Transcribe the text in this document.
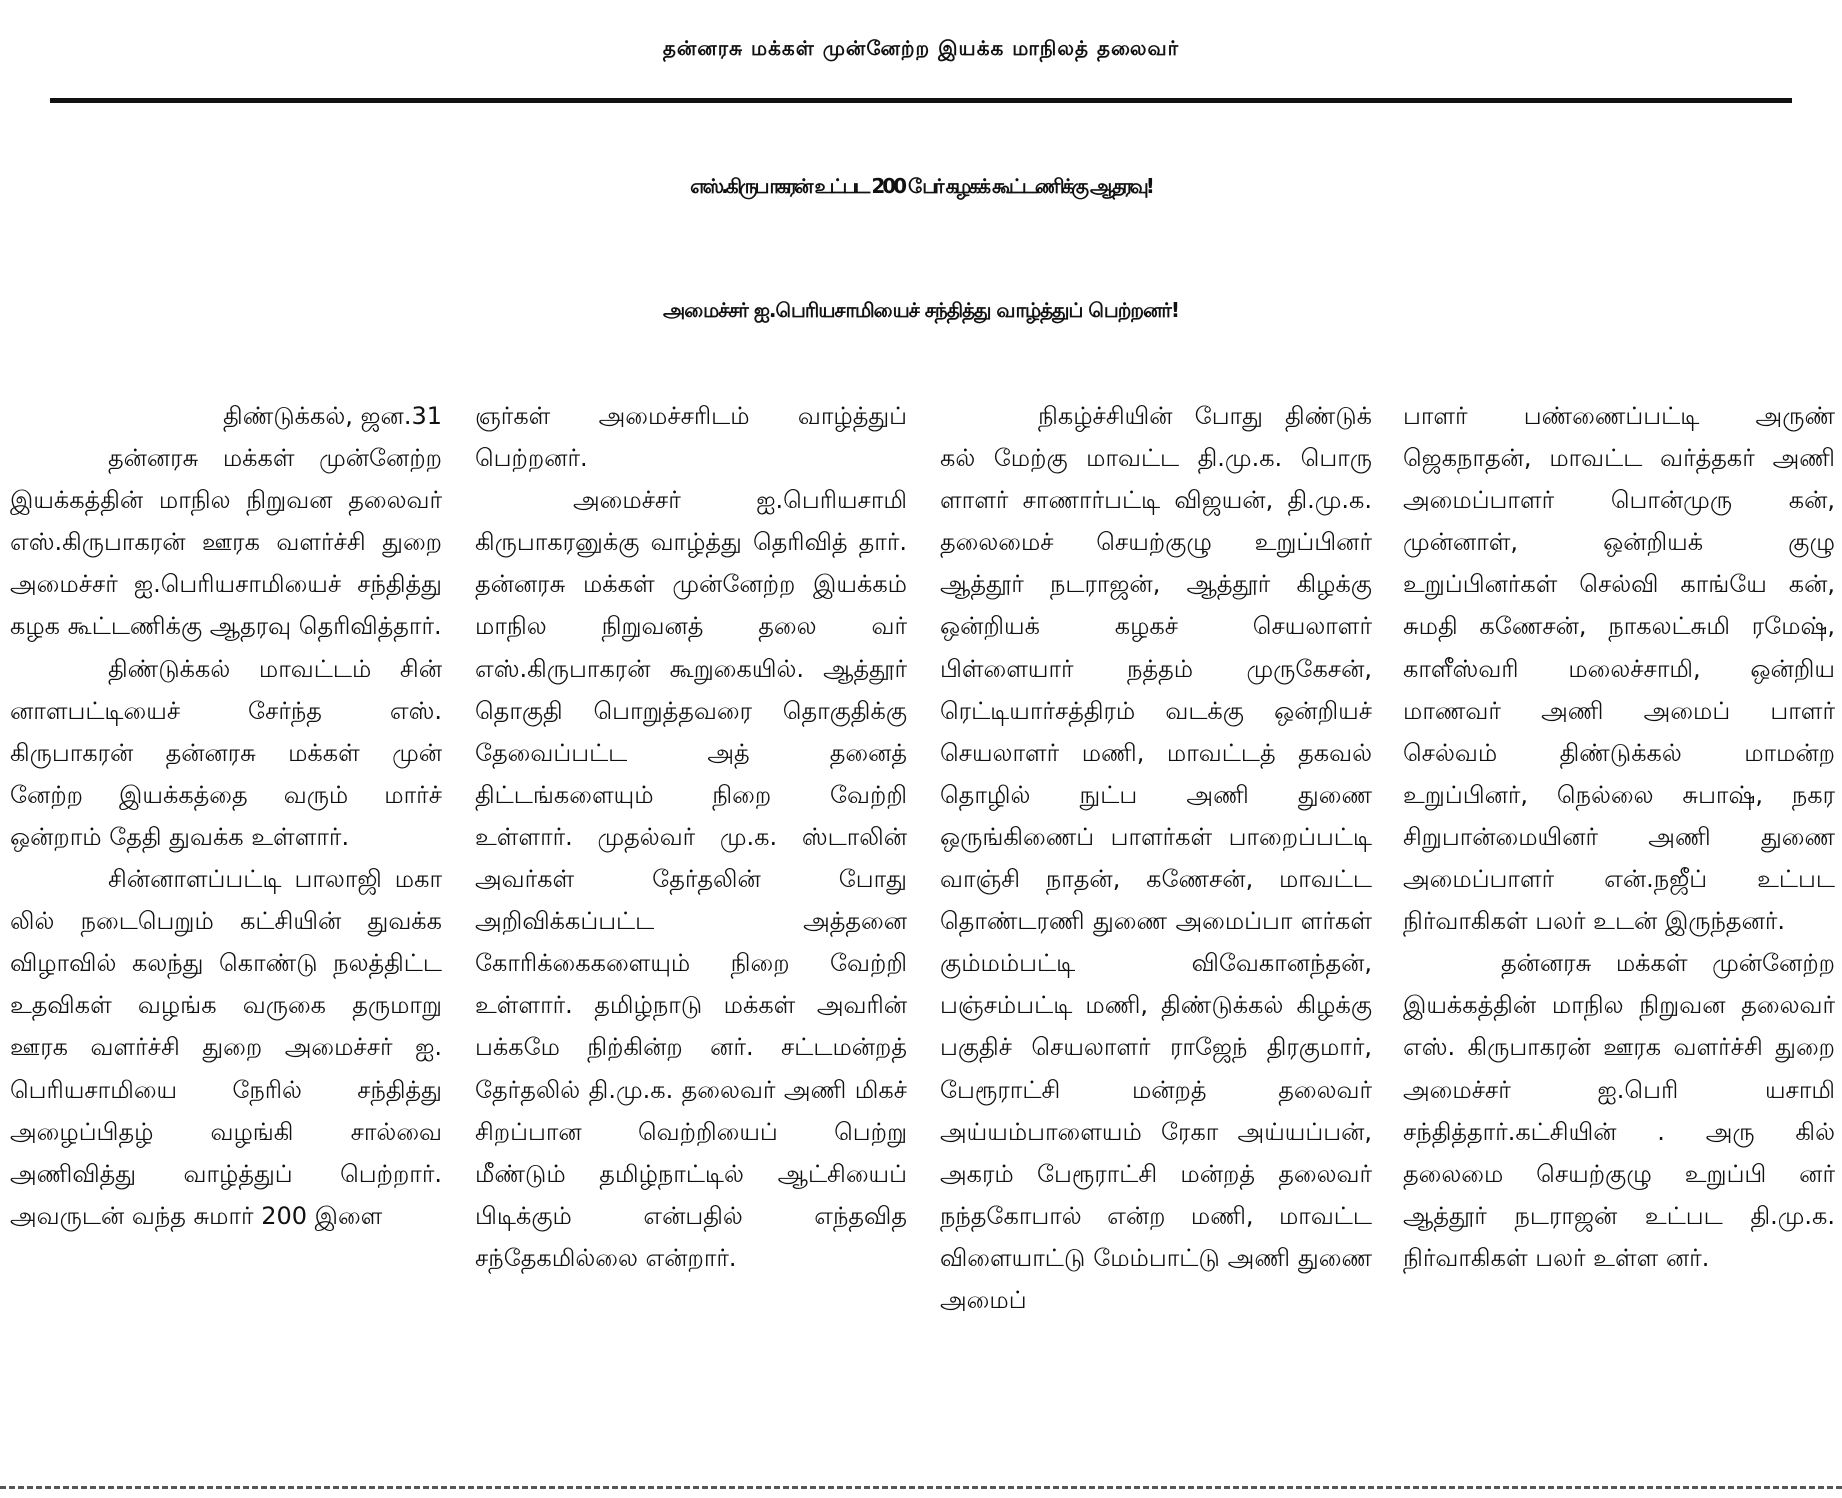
தன்னரசு மக்கள் முன்னேற்ற இயக்க மாநிலத் தலைவர்
எஸ்.கிருபாகரன் உட்பட 200 பேர் கழகக் கூட்டணிக்கு ஆதரவு!
அமைச்சர் ஐ.பெரியசாமியைச் சந்தித்து வாழ்த்துப் பெற்றனர்!

திண்டுக்கல், ஜன.31

தன்னரசு மக்கள் முன்னேற்ற இயக்கத்தின் மாநில நிறுவன தலைவர் எஸ்.கிருபாகரன் ஊரக வளர்ச்சி துறை அமைச்சர் ஐ.பெரியசாமியைச் சந்தித்து கழக கூட்டணிக்கு ஆதரவு தெரிவித்தார்.

திண்டுக்கல் மாவட்டம் சின் னாளபட்டியைச் சேர்ந்த எஸ். கிருபாகரன் தன்னரசு மக்கள் முன் னேற்ற இயக்கத்தை வரும் மார்ச் ஒன்றாம் தேதி துவக்க உள்ளார்.

சின்னாளப்பட்டி பாலாஜி மகா லில் நடைபெறும் கட்சியின் துவக்க விழாவில் கலந்து கொண்டு நலத்திட்ட உதவிகள் வழங்க வருகை தருமாறு ஊரக வளர்ச்சி துறை அமைச்சர் ஐ. பெரியசாமியை நேரில் சந்தித்து அழைப்பிதழ் வழங்கி சால்வை அணிவித்து வாழ்த்துப் பெற்றார். அவருடன் வந்த சுமார் 200 இளை

ஞர்கள் அமைச்சரிடம் வாழ்த்துப் பெற்றனர்.

அமைச்சர் ஐ.பெரியசாமி கிருபாகரனுக்கு வாழ்த்து தெரிவித் தார். தன்னரசு மக்கள் முன்னேற்ற இயக்கம் மாநில நிறுவனத் தலை வர் எஸ்.கிருபாகரன் கூறுகையில். ஆத்தூர் தொகுதி பொறுத்தவரை தொகுதிக்கு தேவைப்பட்ட அத் தனைத் திட்டங்களையும் நிறை வேற்றி உள்ளார். முதல்வர் மு.க. ஸ்டாலின் அவர்கள் தேர்தலின் போது அறிவிக்கப்பட்ட அத்தனை கோரிக்கைகளையும் நிறை வேற்றி உள்ளார். தமிழ்நாடு மக்கள் அவரின் பக்கமே நிற்கின்ற னர். சட்டமன்றத் தேர்தலில் தி.மு.க. தலைவர் அணி மிகச் சிறப்பான வெற்றியைப் பெற்று மீண்டும் தமிழ்நாட்டில் ஆட்சியைப் பிடிக்கும் என்பதில் எந்தவித சந்தேகமில்லை என்றார்.

நிகழ்ச்சியின் போது திண்டுக் கல் மேற்கு மாவட்ட தி.மு.க. பொரு ளாளர் சாணார்பட்டி விஜயன், தி.மு.க. தலைமைச் செயற்குழு உறுப்பினர் ஆத்தூர் நடராஜன், ஆத்தூர் கிழக்கு ஒன்றியக் கழகச் செயலாளர் பிள்ளையார் நத்தம் முருகேசன், ரெட்டியார்சத்திரம் வடக்கு ஒன்றியச் செயலாளர் மணி, மாவட்டத் தகவல் தொழில் நுட்ப அணி துணை ஒருங்கிணைப் பாளர்கள் பாறைப்பட்டி வாஞ்சி நாதன், கணேசன், மாவட்ட தொண்டரணி துணை அமைப்பா ளர்கள் கும்மம்பட்டி விவேகானந்தன், பஞ்சம்பட்டி மணி, திண்டுக்கல் கிழக்கு பகுதிச் செயலாளர் ராஜேந் திரகுமார், பேரூராட்சி மன்றத் தலைவர் அய்யம்பாளையம் ரேகா அய்யப்பன், அகரம் பேரூராட்சி மன்றத் தலைவர் நந்தகோபால் என்ற மணி, மாவட்ட விளையாட்டு மேம்பாட்டு அணி துணை அமைப்

பாளர் பண்ணைப்பட்டி அருண் ஜெகநாதன், மாவட்ட வர்த்தகர் அணி அமைப்பாளர் பொன்முரு கன், முன்னாள், ஒன்றியக் குழு உறுப்பினர்கள் செல்வி காங்யே கன், சுமதி கணேசன், நாகலட்சுமி ரமேஷ், காளீஸ்வரி மலைச்சாமி, ஒன்றிய மாணவர் அணி அமைப் பாளர் செல்வம் திண்டுக்கல் மாமன்ற உறுப்பினர், நெல்லை சுபாஷ், நகர சிறுபான்மையினர் அணி துணை அமைப்பாளர் என்.நஜீப் உட்பட நிர்வாகிகள் பலர் உடன் இருந்தனர்.

தன்னரசு மக்கள் முன்னேற்ற இயக்கத்தின் மாநில நிறுவன தலைவர் எஸ். கிருபாகரன் ஊரக வளர்ச்சி துறை அமைச்சர் ஐ.பெரி யசாமி சந்தித்தார்.கட்சியின் . அரு கில் தலைமை செயற்குழு உறுப்பி னர் ஆத்தூர் நடராஜன் உட்பட தி.மு.க. நிர்வாகிகள் பலர் உள்ள னர்.
